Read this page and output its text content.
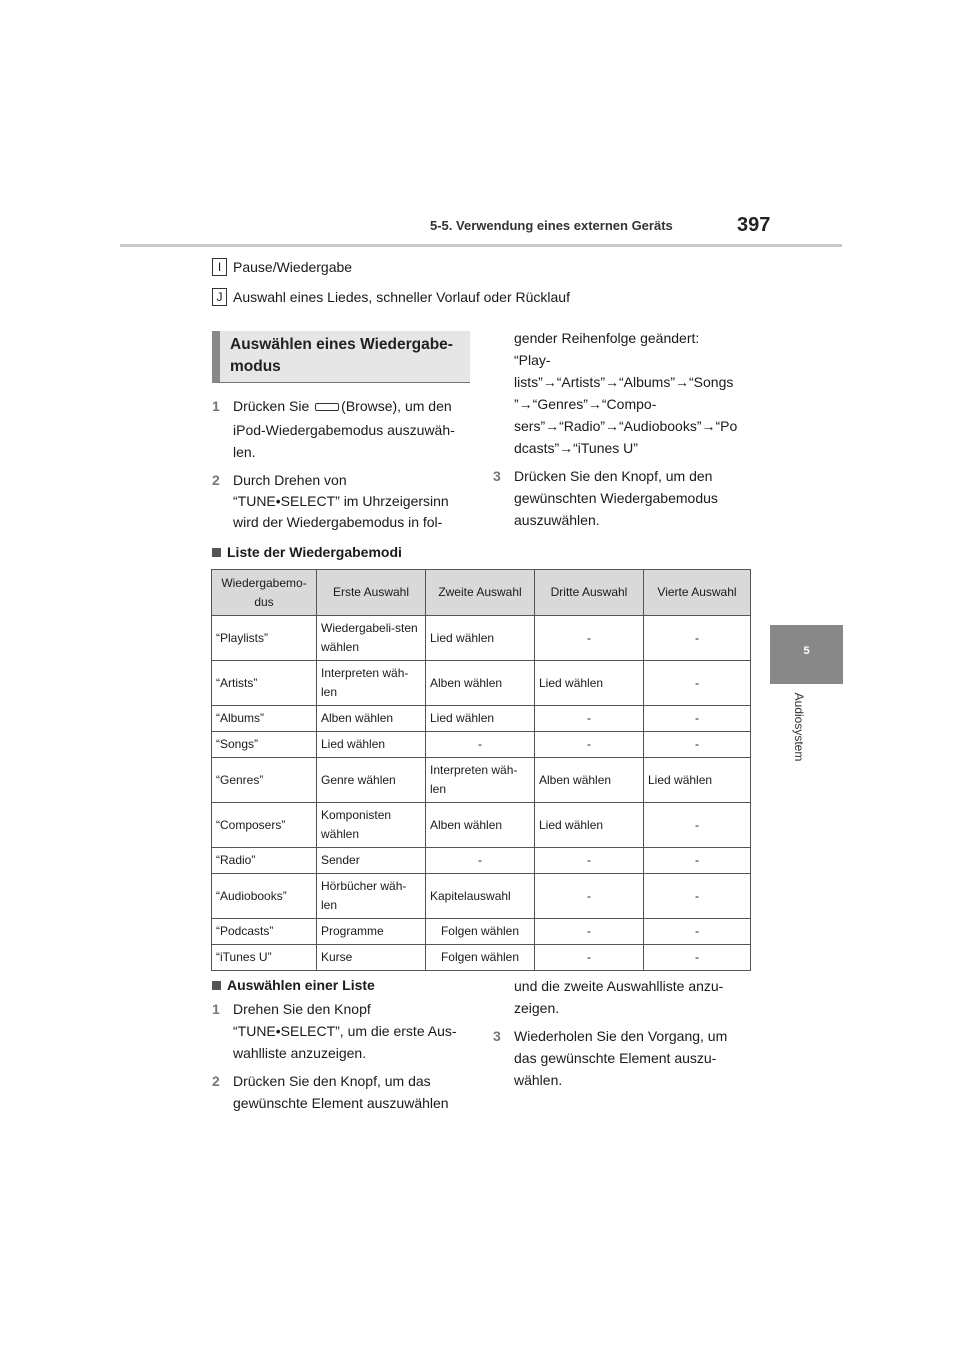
5-5. Verwendung eines externen Geräts	397
5
Audiosystem
I Pause/Wiedergabe
J Auswahl eines Liedes, schneller Vorlauf oder Rücklauf
Auswählen eines Wiedergabe-modus
1 Drücken Sie (Browse), um den
iPod-Wiedergabemodus auszuwäh-
len.
2 Durch Drehen von
“TUNE•SELECT” im Uhrzeigersinn
wird der Wiedergabemodus in fol-
gender Reihenfolge geändert:
“Play-
lists”→“Artists”→“Albums”→“Songs
”→“Genres”→“Compo-
sers”→“Radio”→“Audiobooks”→“Po
dcasts”→“iTunes U”
3 Drücken Sie den Knopf, um den
gewünschten Wiedergabemodus
auszuwählen.
Liste der Wiedergabemodi
Wiedergabemo-dus	Erste Auswahl	Zweite Auswahl	Dritte Auswahl	Vierte Auswahl
“Playlists”	Wiedergabeli-sten wählen	Lied wählen	-	-
“Artists”	Interpreten wäh-len	Alben wählen	Lied wählen	-
“Albums”	Alben wählen	Lied wählen	-	-
“Songs”	Lied wählen	-	-	-
“Genres”	Genre wählen	Interpreten wäh-len	Alben wählen	Lied wählen
“Composers”	Komponisten wählen	Alben wählen	Lied wählen	-
“Radio”	Sender	-	-	-
“Audiobooks”	Hörbücher wäh-len	Kapitelauswahl	-	-
“Podcasts”	Programme	Folgen wählen	-	-
“iTunes U”	Kurse	Folgen wählen	-	-
Auswählen einer Liste
1 Drehen Sie den Knopf
“TUNE•SELECT”, um die erste Aus-
wahlliste anzuzeigen.
2 Drücken Sie den Knopf, um das
gewünschte Element auszuwählen
und die zweite Auswahlliste anzu-
zeigen.
3 Wiederholen Sie den Vorgang, um
das gewünschte Element auszu-
wählen.
